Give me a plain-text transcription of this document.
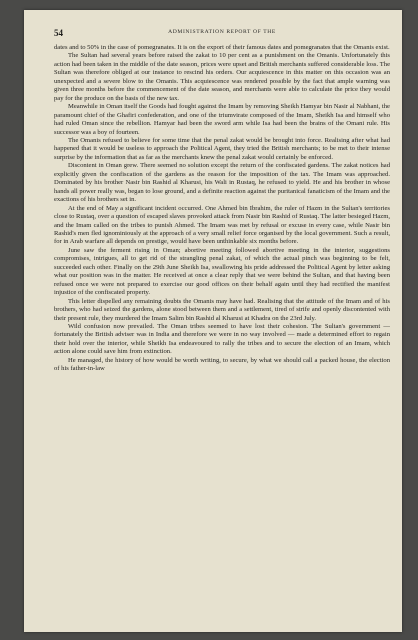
54	ADMINISTRATION REPORT OF THE

dates and to 50% in the case of pomegranates. It is on the export of their famous dates and pomegranates that the Omanis exist.

The Sultan had several years before raised the zakat to 10 per cent as a punishment on the Omanis. Unfortunately this action had been taken in the middle of the date season, prices were upset and British merchants suffered considerable loss. The Sultan was therefore obliged at our instance to rescind his orders. Our acquiescence in this matter on this occasion was an unexpected and a severe blow to the Omanis. This acquiescence was rendered possible by the fact that ample warning was given three months before the commencement of the date season, and merchants were able to calculate the price they would pay for the produce on the basis of the new tax.

Meanwhile in Oman itself the Goods had fought against the Imam by removing Sheikh Hamyar bin Nasir al Nabhani, the paramount chief of the Ghafiri confederation, and one of the triumvirate composed of the Imam, Sheikh Isa and himself who had ruled Oman since the rebellion. Hamyar had been the sword arm while Isa had been the brains of the Omani rule. His successor was a boy of fourteen.

The Omanis refused to believe for some time that the penal zakat would be brought into force. Realising after what had happened that it would be useless to approach the Political Agent, they tried the British merchants; to be met to their intense surprise by the information that as far as the merchants knew the penal zakat would certainly be enforced.

Discontent in Oman grew. There seemed no solution except the return of the confiscated gardens. The zakat notices had explicitly given the confiscation of the gardens as the reason for the imposition of the tax. The Imam was approached. Dominated by his brother Nasir bin Rashid al Kharusi, his Wali in Rustaq, he refused to yield. He and his brother in whose hands all power really was, began to lose ground, and a definite reaction against the puritanical fanaticism of the Imam and the exactions of his brothers set in.

At the end of May a significant incident occurred. One Ahmed bin Ibrahim, the ruler of Hazm in the Sultan's territories close to Rustaq, over a question of escaped slaves provoked attack from Nasir bin Rashid of Rustaq. The latter besieged Hazm, and the Imam called on the tribes to punish Ahmed. The Imam was met by refusal or excuse in every case, while Nasir bin Rashid's men fled ignominiously at the approach of a very small relief force organised by the local government. Such a result, for in Arab warfare all depends on prestige, would have been unthinkable six months before.

June saw the ferment rising in Oman; abortive meeting followed abortive meeting in the interior, suggestions compromises, intrigues, all to get rid of the strangling penal zakat, of which the actual pinch was beginning to be felt, succeeded each other. Finally on the 29th June Sheikh Isa, swallowing his pride addressed the Political Agent by letter asking what our position was in the matter. He received at once a clear reply that we were behind the Sultan, and that having been refused once we were not prepared to exercise our good offices on their behalf again until they had rectified the manifest injustice of the confiscated property.

This letter dispelled any remaining doubts the Omanis may have had. Realising that the attitude of the Imam and of his brothers, who had seized the gardens, alone stood between them and a settlement, tired of strife and openly discontented with their present rule, they murdered the Imam Salim bin Rashid al Kharusi at Khadra on the 23rd July.

Wild confusion now prevailed. The Oman tribes seemed to have lost their cohesion. The Sultan's government — fortunately the British adviser was in India and therefore we were in no way involved — made a determined effort to regain their hold over the interior, while Sheikh Isa endeavoured to rally the tribes and to secure the election of an Imam, which action alone could save him from extinction.

He managed, the history of how would be worth writing, to secure, by what we should call a packed house, the election of his father-in-law
